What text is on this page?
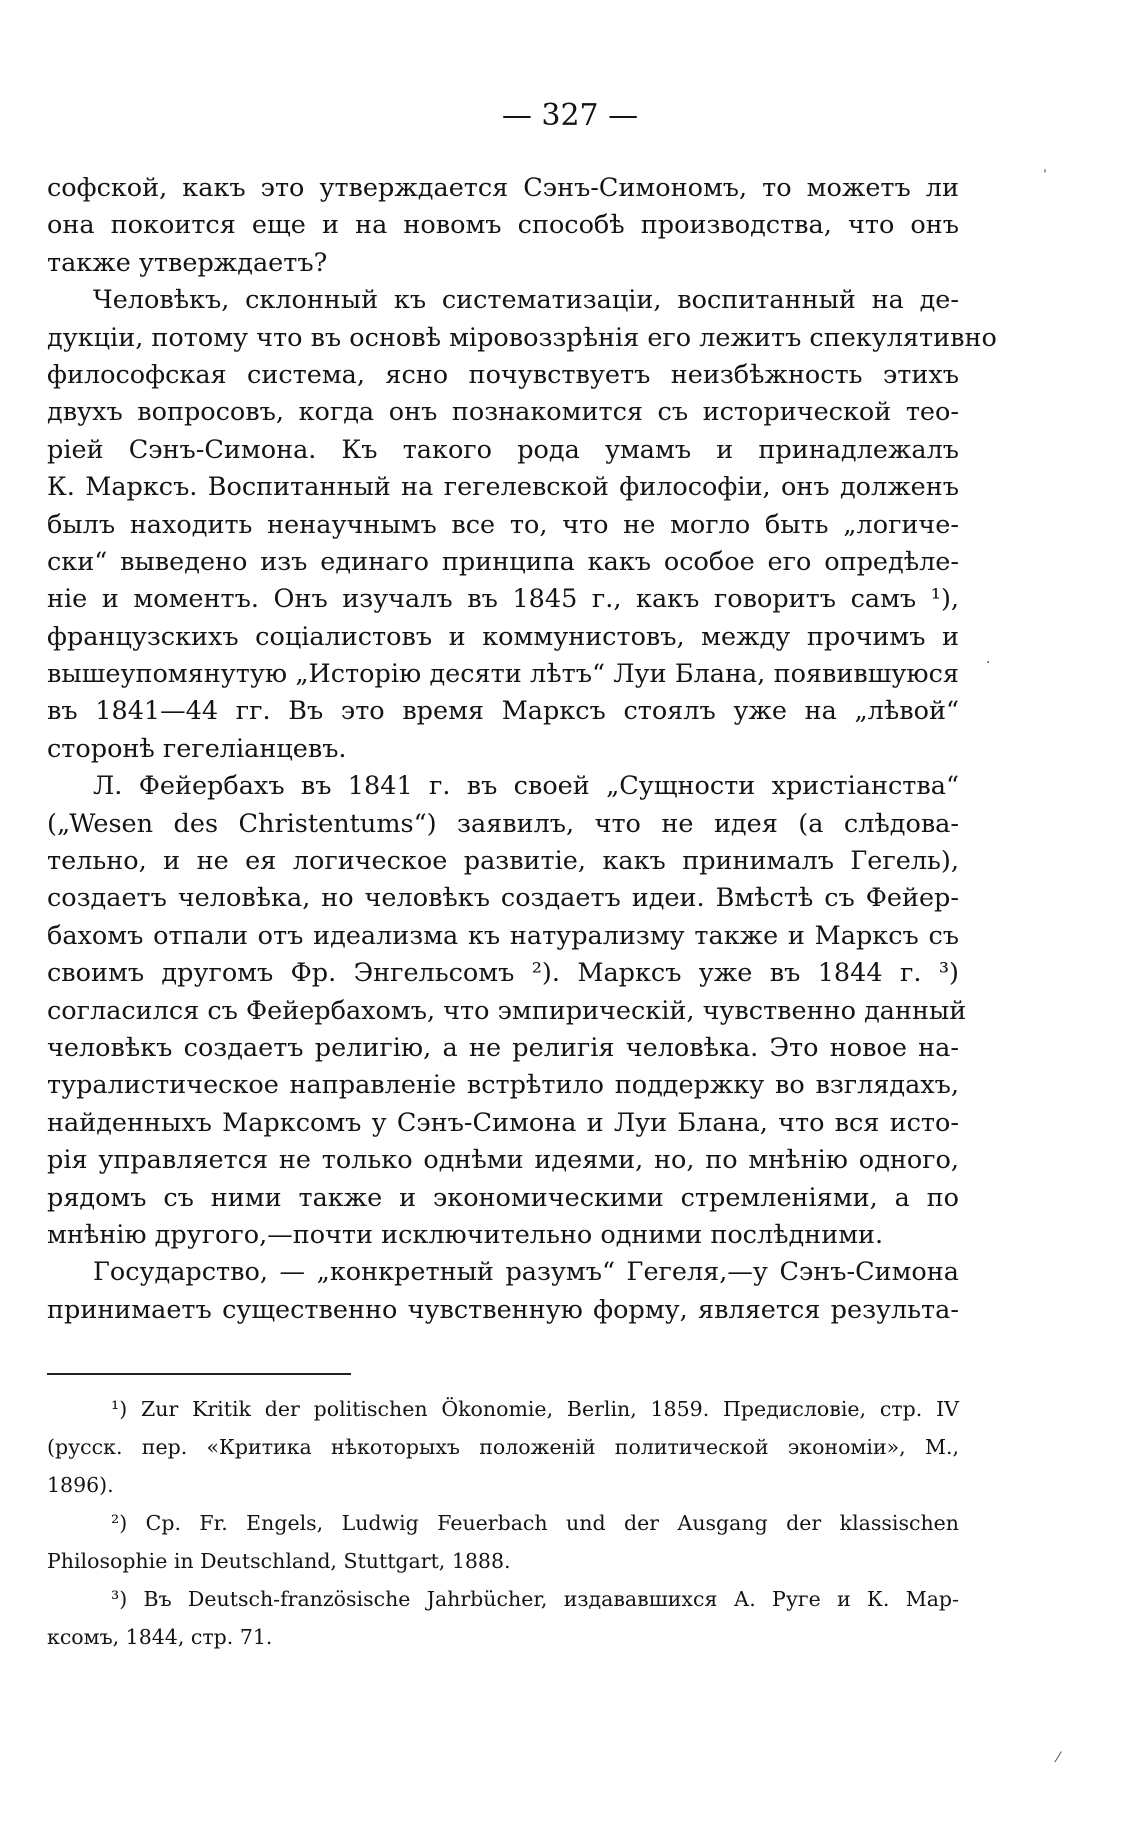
— 327 —
софской, какъ это утверждается Сэнъ-Симономъ, то можетъ ли
она покоится еще и на новомъ способѣ производства, что онъ
также утверждаетъ?
Человѣкъ, склонный къ систематизаціи, воспитанный на де-
дукціи, потому что въ основѣ міровоззрѣнія его лежитъ спекулятивно
философская система, ясно почувствуетъ неизбѣжность этихъ
двухъ вопросовъ, когда онъ познакомится съ исторической тео-
ріей Сэнъ-Симона. Къ такого рода умамъ и принадлежалъ
К. Марксъ. Воспитанный на гегелевской философіи, онъ долженъ
былъ находить ненаучнымъ все то, что не могло быть „логиче-
ски“ выведено изъ единаго принципа какъ особое его опредѣле-
ніе и моментъ. Онъ изучалъ въ 1845 г., какъ говоритъ самъ ¹),
французскихъ соціалистовъ и коммунистовъ, между прочимъ и
вышеупомянутую „Исторію десяти лѣтъ“ Луи Блана, появившуюся
въ 1841—44 гг. Въ это время Марксъ стоялъ уже на „лѣвой“
сторонѣ гегеліанцевъ.
Л. Фейербахъ въ 1841 г. въ своей „Сущности христіанства“
(„Wesen des Christentums“) заявилъ, что не идея (а слѣдова-
тельно, и не ея логическое развитіе, какъ принималъ Гегель),
создаетъ человѣка, но человѣкъ создаетъ идеи. Вмѣстѣ съ Фейер-
бахомъ отпали отъ идеализма къ натурализму также и Марксъ съ
своимъ другомъ Фр. Энгельсомъ ²). Марксъ уже въ 1844 г. ³)
согласился съ Фейербахомъ, что эмпирическій, чувственно данный
человѣкъ создаетъ религію, а не религія человѣка. Это новое на-
туралистическое направленіе встрѣтило поддержку во взглядахъ,
найденныхъ Марксомъ у Сэнъ-Симона и Луи Блана, что вся исто-
рія управляется не только однѣми идеями, но, по мнѣнію одного,
рядомъ съ ними также и экономическими стремленіями, а по
мнѣнію другого,—почти исключительно одними послѣдними.
Государство, — „конкретный разумъ“ Гегеля,—у Сэнъ-Симона
принимаетъ существенно чувственную форму, является результа-
¹) Zur Kritik der politischen Ökonomie, Berlin, 1859. Предисловіе, стр. IV
(русск. пер. «Критика нѣкоторыхъ положеній политической экономіи», М.,
1896).
²) Ср. Fr. Engels, Ludwig Feuerbach und der Ausgang der klassischen
Philosophie in Deutschland, Stuttgart, 1888.
³) Въ Deutsch-französische Jahrbücher, издававшихся А. Руге и К. Мар-
ксомъ, 1844, стр. 71.
ˈ
·
⁄
